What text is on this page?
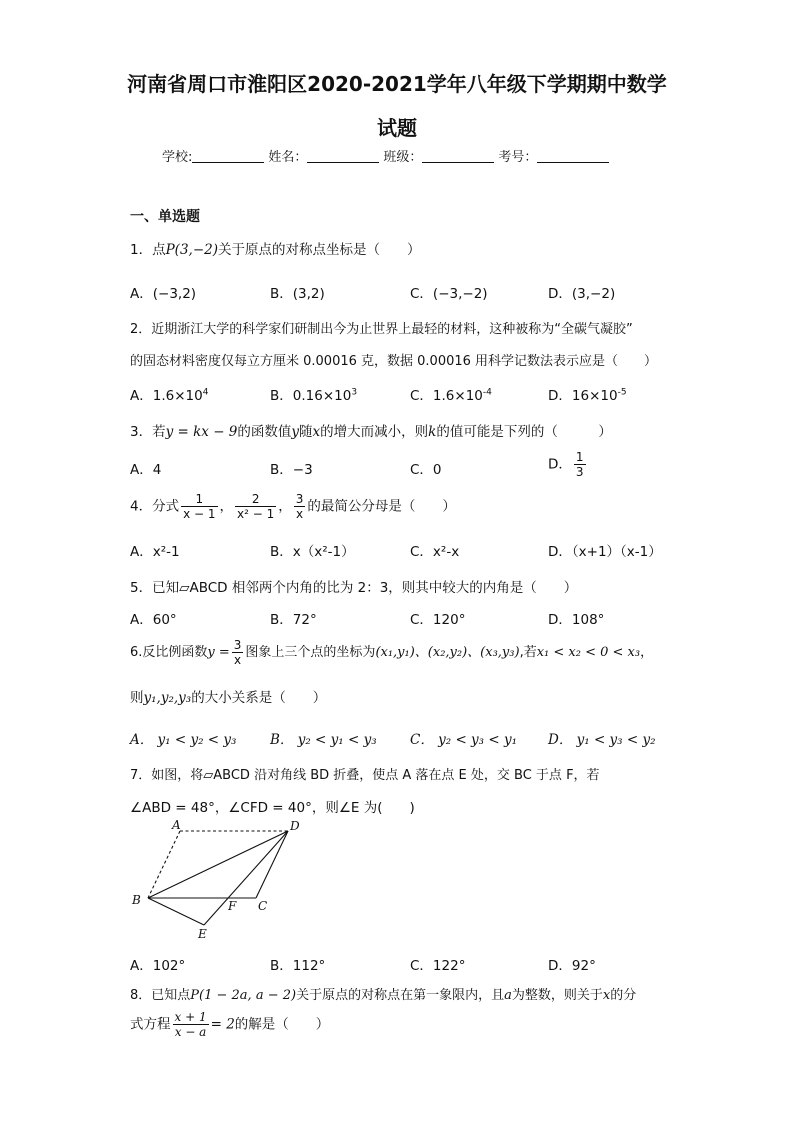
河南省周口市淮阳区2020-2021学年八年级下学期期中数学
试题
学校:	姓名：	班级：	考号：
一、单选题
1．点P(3,−2)关于原点的对称点坐标是（　　）
A．(−3,2)	B．(3,2)	C．(−3,−2)	D．(3,−2)
2．近期浙江大学的科学家们研制出今为止世界上最轻的材料，这种被称为“全碳气凝胶”
的固态材料密度仅每立方厘米 0.00016 克，数据 0.00016 用科学记数法表示应是（　　）
A．$1.6\times 10^4$	B．$0.16\times 10^3$	C．$1.6\times 10^{-4}$	D．$16\times 10^{-5}$
3．若y = kx − 9的函数值y随x的增大而减小，则k的值可能是下列的（　　　）
A．4	B．−3	C．0	D． $\frac{1}{3}$
4．分式 $\frac{1}{x - 1}$ ， $\frac{2}{\text{x² − 1}}$ ， $\frac{3}{x}$ 的最简公分母是（　　）
A．x²-1	B．x（x²-1）	C．x²-x	D．（x+1）（x-1）
5．已知▱ABCD 相邻两个内角的比为 2：3，则其中较大的内角是（　　）
A．60°	B．72°	C．120°	D．108°
6.反比例函数$y = \frac{3}{x}$ 图象上三个点的坐标为(x₁,y₁)、(x₂,y₂)、(x₃,y₃),若x₁ < x₂ < 0 < x₃，
则y₁,y₂,y₃的大小关系是（　　）
A． y₁ < y₂ < y₃ B． y₂ < y₁ < y₃ C． y₂ < y₃ < y₁ D． y₁ < y₃ < y₂
7．如图，将▱ABCD 沿对角线 BD 折叠，使点 A 落在点 E 处，交 BC 于点 F，若
∠ABD = 48°，∠CFD = 40°，则∠E 为(　　)
A	D
B	F C
E
A．102°	B．112°	C．122°	D．92°
8．已知点P(1 − 2a, a − 2)关于原点的对称点在第一象限内，且a为整数，则关于x的分
式方程 $\frac{x + 1}{x - a} = 2$的解是（　　）
